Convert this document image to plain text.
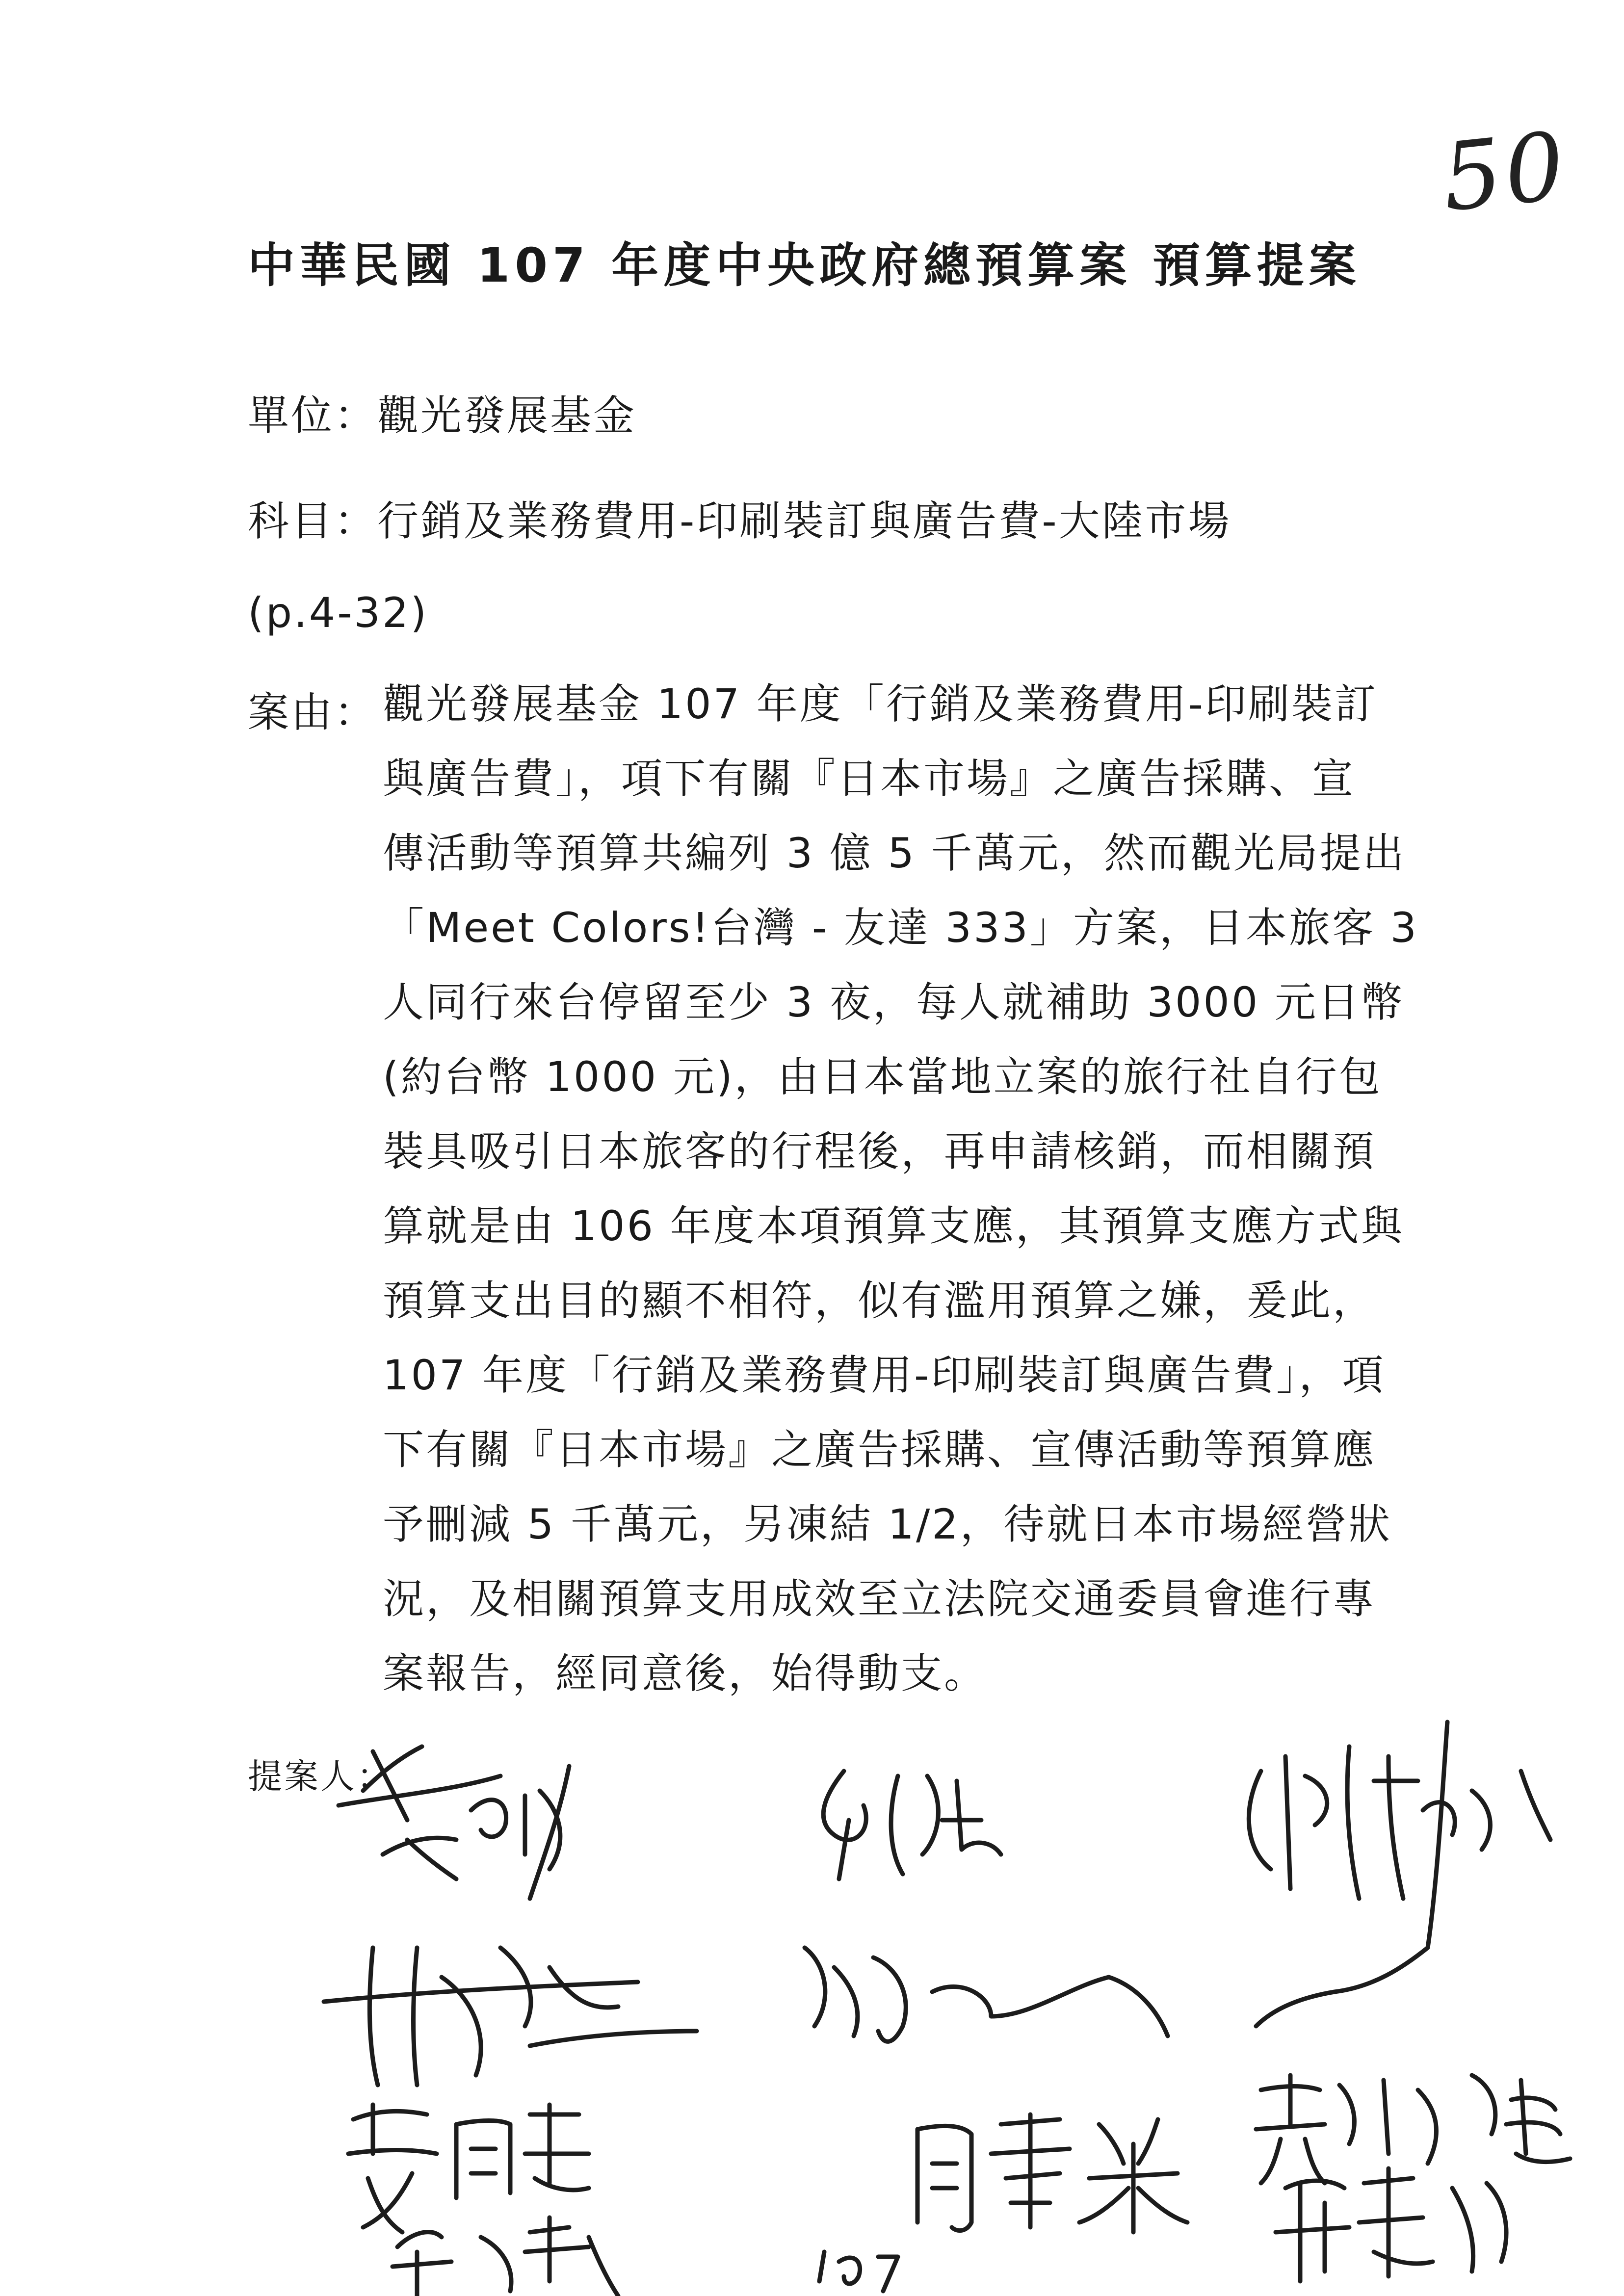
50
中華民國 107 年度中央政府總預算案 預算提案
單位：觀光發展基金
科目：行銷及業務費用-印刷裝訂與廣告費-大陸市場
(p.4-32)
案由： 觀光發展基金 107 年度「行銷及業務費用-印刷裝訂
與廣告費」，項下有關『日本市場』之廣告採購、宣
傳活動等預算共編列 3 億 5 千萬元，然而觀光局提出
「Meet Colors!台灣 - 友達 333」方案，日本旅客 3
人同行來台停留至少 3 夜，每人就補助 3000 元日幣
(約台幣 1000 元)，由日本當地立案的旅行社自行包
裝具吸引日本旅客的行程後，再申請核銷，而相關預
算就是由 106 年度本項預算支應，其預算支應方式與
預算支出目的顯不相符，似有濫用預算之嫌，爰此，
107 年度「行銷及業務費用-印刷裝訂與廣告費」，項
下有關『日本市場』之廣告採購、宣傳活動等預算應
予刪減 5 千萬元，另凍結 1/2，待就日本市場經營狀
況，及相關預算支用成效至立法院交通委員會進行專
案報告，經同意後，始得動支。
提案人：
